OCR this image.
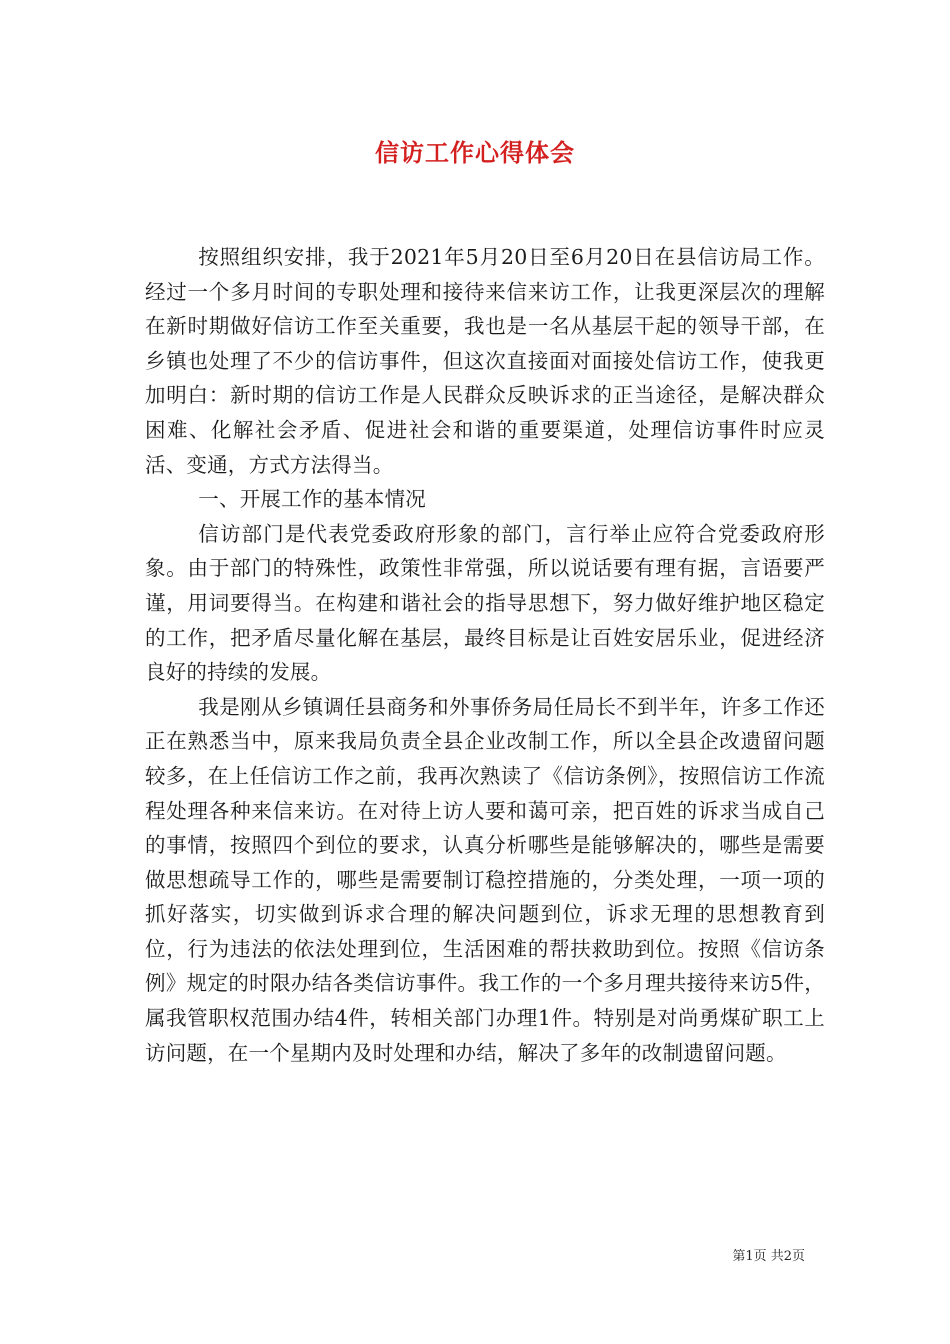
信访工作心得体会

按照组织安排，我于2021年5月20日至6月20日在县信访局工作。经过一个多月时间的专职处理和接待来信来访工作，让我更深层次的理解在新时期做好信访工作至关重要，我也是一名从基层干起的领导干部，在乡镇也处理了不少的信访事件，但这次直接面对面接处信访工作，使我更加明白：新时期的信访工作是人民群众反映诉求的正当途径，是解决群众困难、化解社会矛盾、促进社会和谐的重要渠道，处理信访事件时应灵活、变通，方式方法得当。

一、开展工作的基本情况

信访部门是代表党委政府形象的部门，言行举止应符合党委政府形象。由于部门的特殊性，政策性非常强，所以说话要有理有据，言语要严谨，用词要得当。在构建和谐社会的指导思想下，努力做好维护地区稳定的工作，把矛盾尽量化解在基层，最终目标是让百姓安居乐业，促进经济良好的持续的发展。

我是刚从乡镇调任县商务和外事侨务局任局长不到半年，许多工作还正在熟悉当中，原来我局负责全县企业改制工作，所以全县企改遗留问题较多，在上任信访工作之前，我再次熟读了《信访条例》，按照信访工作流程处理各种来信来访。在对待上访人要和蔼可亲，把百姓的诉求当成自己的事情，按照四个到位的要求，认真分析哪些是能够解决的，哪些是需要做思想疏导工作的，哪些是需要制订稳控措施的，分类处理，一项一项的抓好落实，切实做到诉求合理的解决问题到位，诉求无理的思想教育到位，行为违法的依法处理到位，生活困难的帮扶救助到位。按照《信访条例》规定的时限办结各类信访事件。我工作的一个多月理共接待来访5件，属我管职权范围办结4件，转相关部门办理1件。特别是对尚勇煤矿职工上访问题，在一个星期内及时处理和办结，解决了多年的改制遗留问题。

第1页 共2页
